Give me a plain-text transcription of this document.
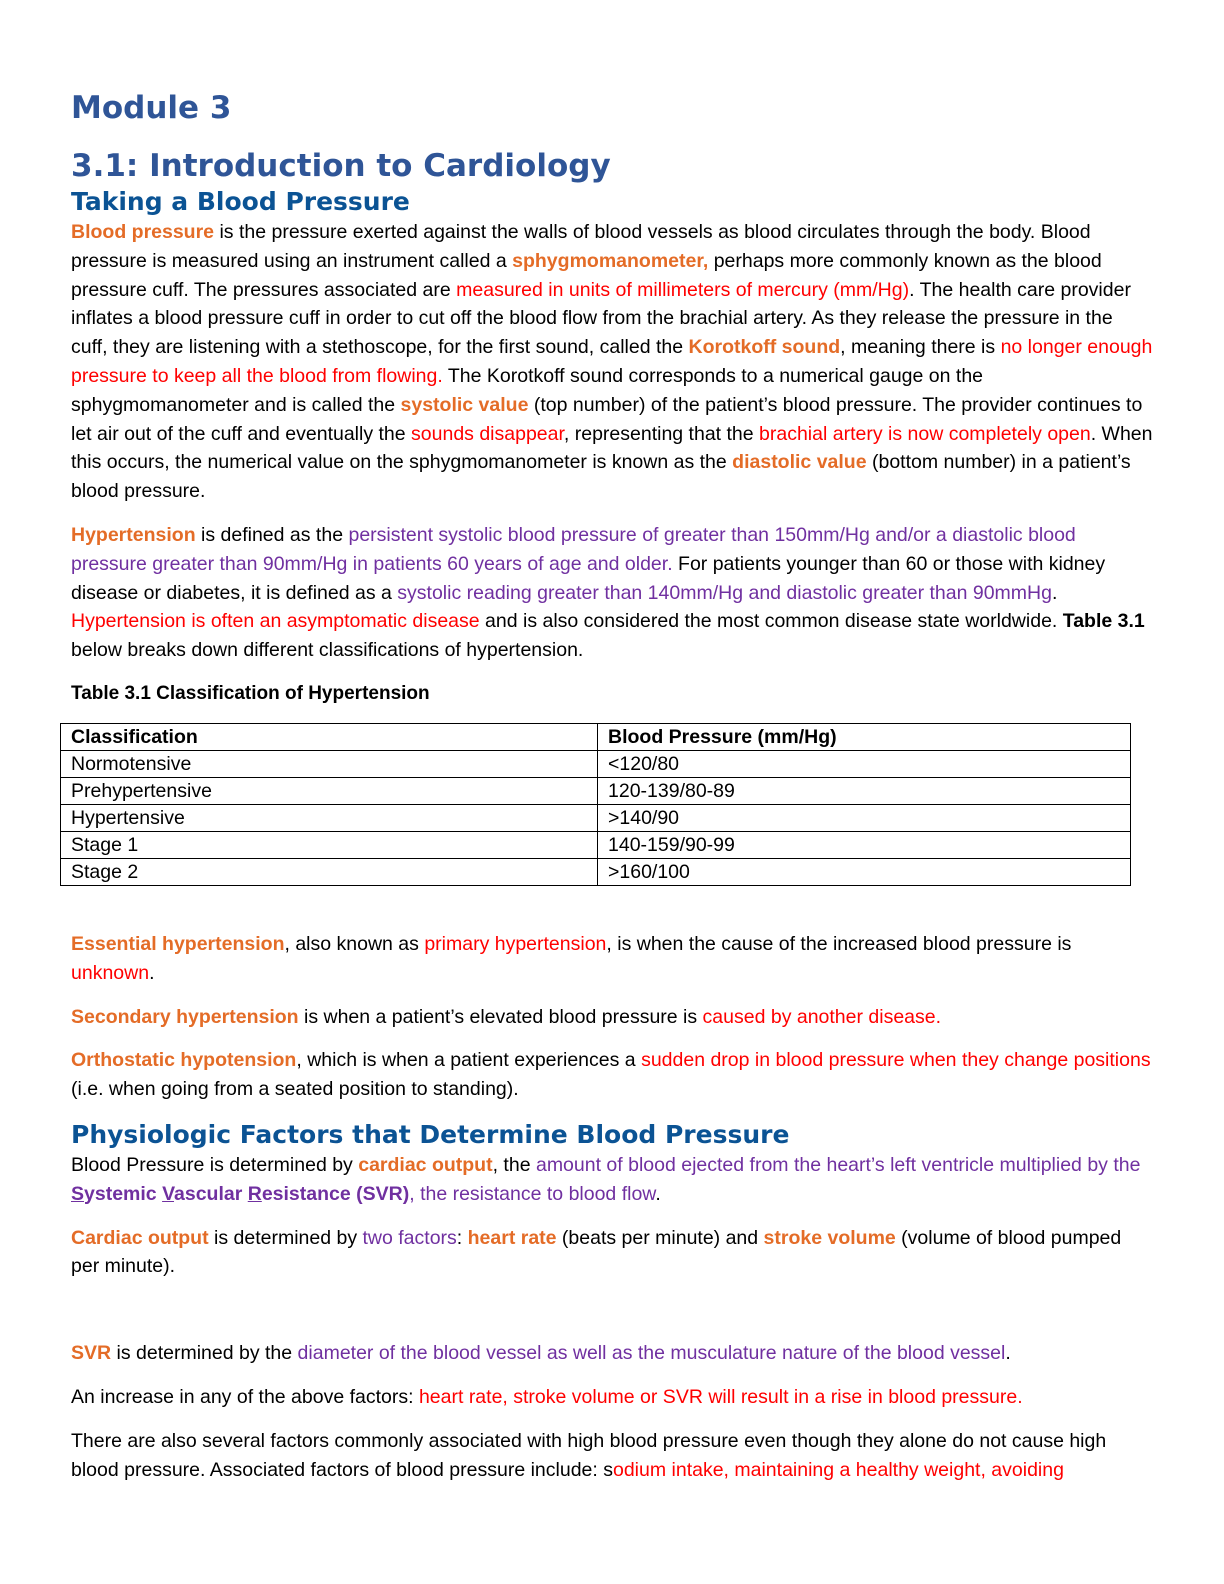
Module 3
3.1: Introduction to Cardiology
Taking a Blood Pressure

Blood pressure is the pressure exerted against the walls of blood vessels as blood circulates through the body. Blood pressure is measured using an instrument called a sphygmomanometer, perhaps more commonly known as the blood pressure cuff. The pressures associated are measured in units of millimeters of mercury (mm/Hg). The health care provider inflates a blood pressure cuff in order to cut off the blood flow from the brachial artery. As they release the pressure in the cuff, they are listening with a stethoscope, for the first sound, called the Korotkoff sound, meaning there is no longer enough pressure to keep all the blood from flowing. The Korotkoff sound corresponds to a numerical gauge on the sphygmomanometer and is called the systolic value (top number) of the patient’s blood pressure. The provider continues to let air out of the cuff and eventually the sounds disappear, representing that the brachial artery is now completely open. When this occurs, the numerical value on the sphygmomanometer is known as the diastolic value (bottom number) in a patient’s blood pressure.

Hypertension is defined as the persistent systolic blood pressure of greater than 150mm/Hg and/or a diastolic blood pressure greater than 90mm/Hg in patients 60 years of age and older. For patients younger than 60 or those with kidney disease or diabetes, it is defined as a systolic reading greater than 140mm/Hg and diastolic greater than 90mmHg. Hypertension is often an asymptomatic disease and is also considered the most common disease state worldwide. Table 3.1 below breaks down different classifications of hypertension.

Table 3.1 Classification of Hypertension
Classification	Blood Pressure (mm/Hg)
Normotensive	<120/80
Prehypertensive	120-139/80-89
Hypertensive	>140/90
Stage 1	140-159/90-99
Stage 2	>160/100

Essential hypertension, also known as primary hypertension, is when the cause of the increased blood pressure is unknown.

Secondary hypertension is when a patient’s elevated blood pressure is caused by another disease.

Orthostatic hypotension, which is when a patient experiences a sudden drop in blood pressure when they change positions (i.e. when going from a seated position to standing).

Physiologic Factors that Determine Blood Pressure

Blood Pressure is determined by cardiac output, the amount of blood ejected from the heart’s left ventricle multiplied by the Systemic Vascular Resistance (SVR), the resistance to blood flow.

Cardiac output is determined by two factors: heart rate (beats per minute) and stroke volume (volume of blood pumped per minute).

SVR is determined by the diameter of the blood vessel as well as the musculature nature of the blood vessel.

An increase in any of the above factors: heart rate, stroke volume or SVR will result in a rise in blood pressure.

There are also several factors commonly associated with high blood pressure even though they alone do not cause high blood pressure. Associated factors of blood pressure include: sodium intake, maintaining a healthy weight, avoiding
